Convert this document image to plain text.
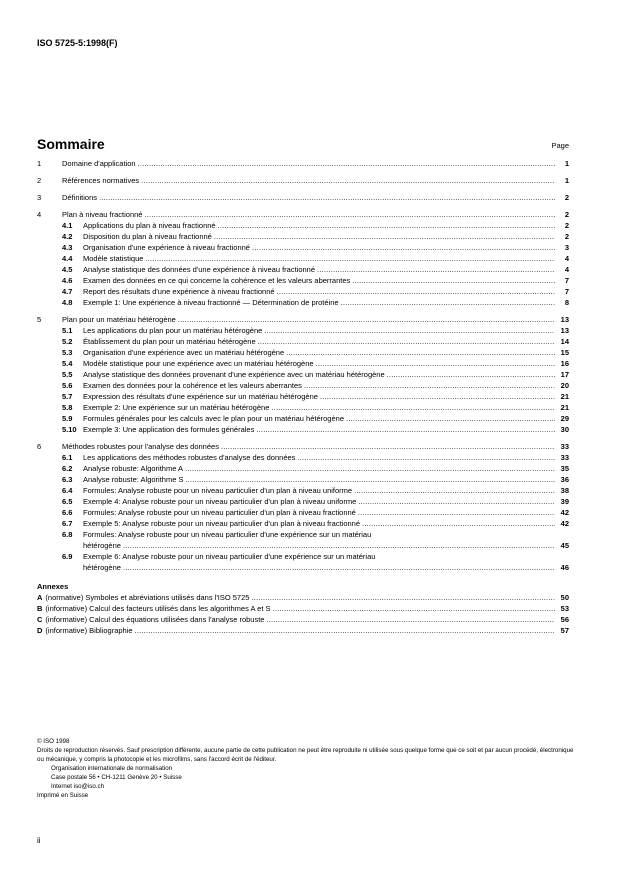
ISO 5725-5:1998(F)
Sommaire	Page
1	Domaine d'application .....	1
2	Références normatives .....	1
3	Définitions .....	2
4	Plan à niveau fractionné .....	2
4.1	Applications du plan à niveau fractionné .....	2
4.2	Disposition du plan à niveau fractionné .....	2
4.3	Organisation d'une expérience à niveau fractionné .....	3
4.4	Modèle statistique .....	4
4.5	Analyse statistique des données d'une expérience à niveau fractionné .....	4
4.6	Examen des données en ce qui concerne la cohérence et les valeurs aberrantes .....	7
4.7	Report des résultats d'une expérience à niveau fractionné .....	7
4.8	Exemple 1: Une expérience à niveau fractionné — Détermination de protéine .....	8
5	Plan pour un matériau hétérogène .....	13
5.1	Les applications du plan pour un matériau hétérogène .....	13
5.2	Établissement du plan pour un matériau hétérogène .....	14
5.3	Organisation d'une expérience avec un matériau hétérogène .....	15
5.4	Modèle statistique pour une expérience avec un matériau hétérogène .....	16
5.5	Analyse statistique des données provenant d'une expérience avec un matériau hétérogène .....	17
5.6	Examen des données pour la cohérence et les valeurs aberrantes .....	20
5.7	Expression des résultats d'une expérience sur un matériau hétérogène .....	21
5.8	Exemple 2: Une expérience sur un matériau hétérogène .....	21
5.9	Formules générales pour les calculs avec le plan pour un matériau hétérogène .....	29
5.10 Exemple 3: Une application des formules générales .....	30
6	Méthodes robustes pour l'analyse des données .....	33
6.1	Les applications des méthodes robustes d'analyse des données .....	33
6.2	Analyse robuste: Algorithme A .....	35
6.3	Analyse robuste: Algorithme S .....	36
6.4	Formules: Analyse robuste pour un niveau particulier d'un plan à niveau uniforme .....	38
6.5	Exemple 4: Analyse robuste pour un niveau particulier d'un plan à niveau uniforme .....	39
6.6	Formules: Analyse robuste pour un niveau particulier d'un plan à niveau fractionné .....	42
6.7	Exemple 5: Analyse robuste pour un niveau particulier d'un plan à niveau fractionné .....	42
6.8	Formules: Analyse robuste pour un niveau particulier d'une expérience sur un matériau
hétérogène .....	45
6.9	Exemple 6: Analyse robuste pour un niveau particulier d'une expérience sur un matériau
hétérogène .....	46
Annexes
A (normative) Symboles et abréviations utilisés dans l'ISO 5725 .....	50
B (informative) Calcul des facteurs utilisés dans les algorithmes A et S .....	53
C (informative) Calcul des équations utilisées dans l'analyse robuste .....	56
D (informative) Bibliographie .....	57
© ISO 1998
Droits de reproduction réservés. Sauf prescription différente, aucune partie de cette publication ne peut être reproduite ni utilisée sous quelque forme que ce soit et par aucun procédé, électronique ou mécanique, y compris la photocopie et les microfilms, sans l'accord écrit de l'éditeur.
Organisation internationale de normalisation
Case postale 56 • CH-1211 Genève 20 • Suisse
Internet iso@iso.ch
Imprimé en Suisse
ii
